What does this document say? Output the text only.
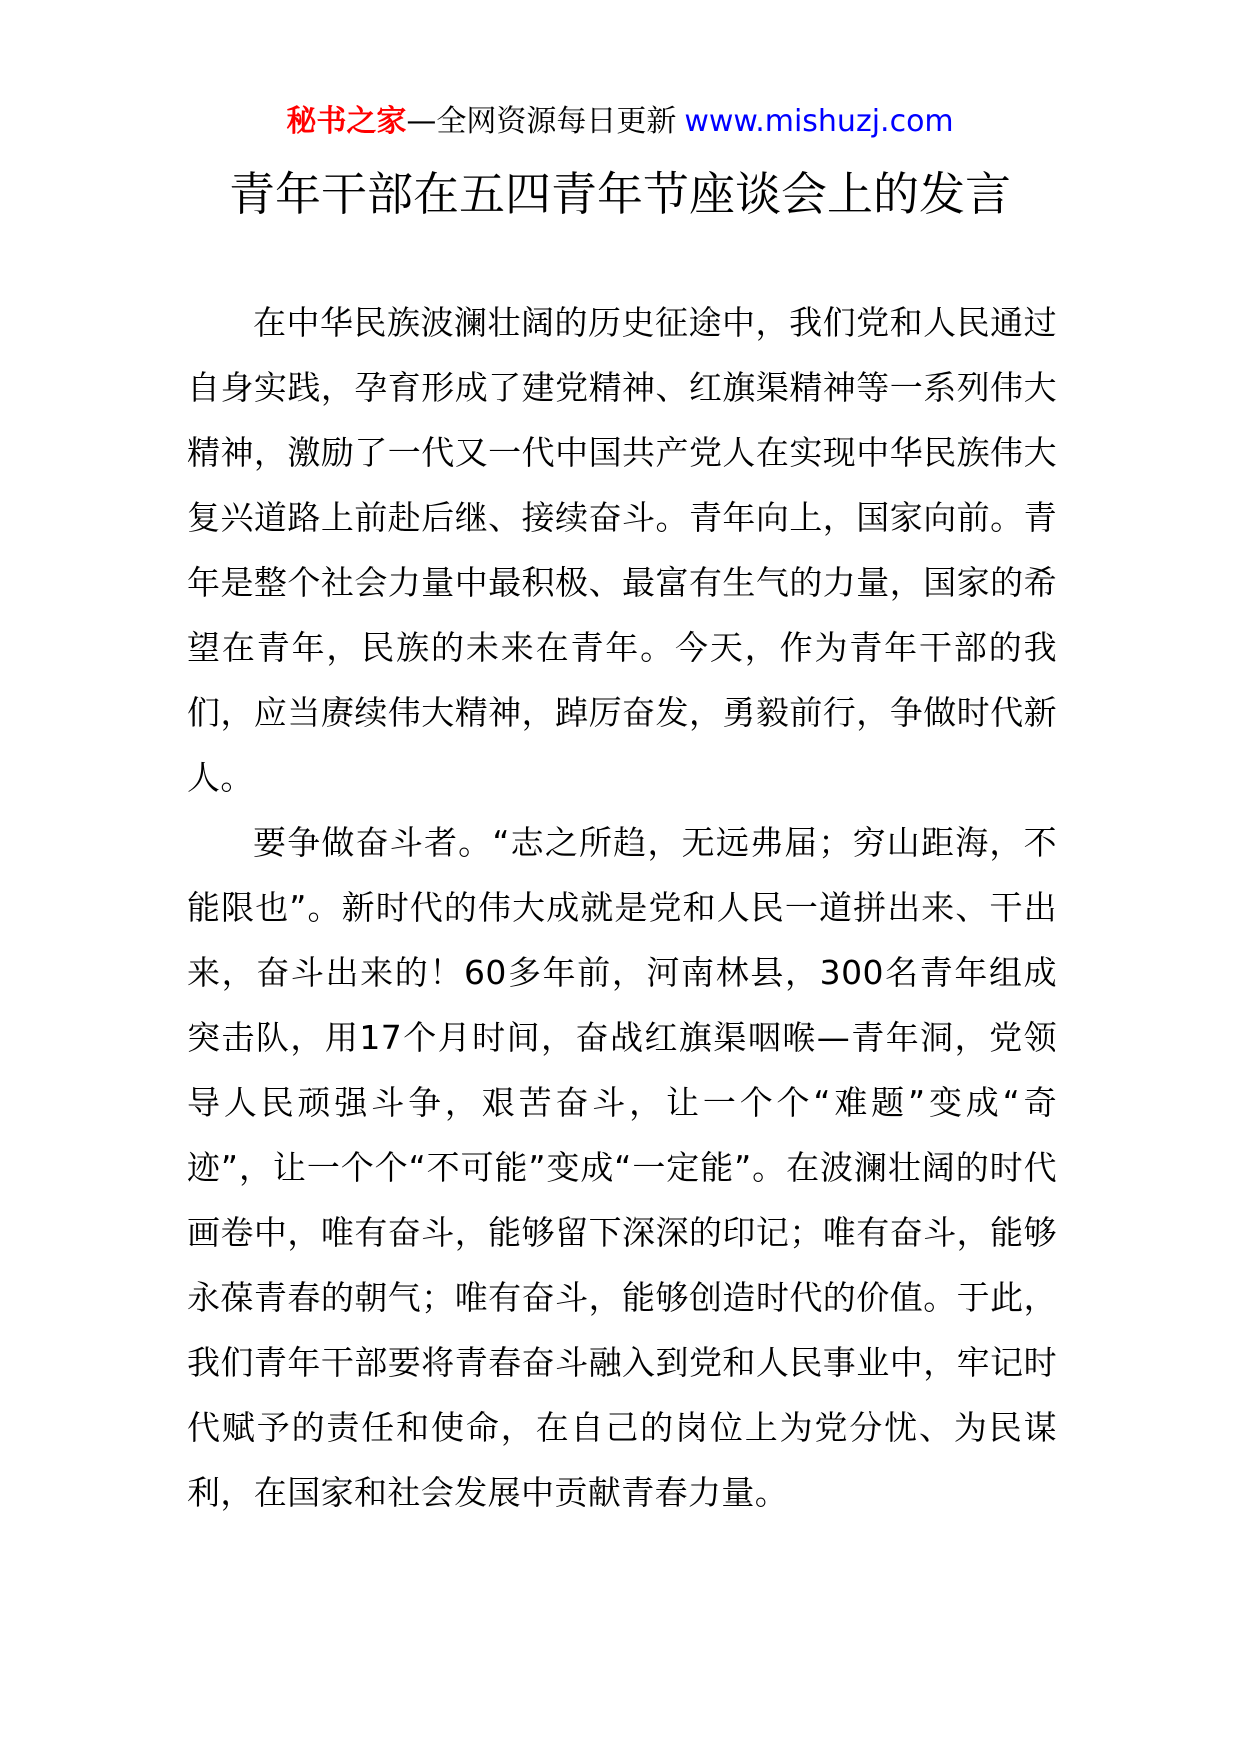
秘书之家—全网资源每日更新 www.mishuzj.com
青年干部在五四青年节座谈会上的发言

在中华民族波澜壮阔的历史征途中，我们党和人民通过自身实践，孕育形成了建党精神、红旗渠精神等一系列伟大精神，激励了一代又一代中国共产党人在实现中华民族伟大复兴道路上前赴后继、接续奋斗。青年向上，国家向前。青年是整个社会力量中最积极、最富有生气的力量，国家的希望在青年，民族的未来在青年。今天，作为青年干部的我们，应当赓续伟大精神，踔厉奋发，勇毅前行，争做时代新人。

要争做奋斗者。“志之所趋，无远弗届；穷山距海，不能限也”。新时代的伟大成就是党和人民一道拼出来、干出来，奋斗出来的！60多年前，河南林县，300名青年组成突击队，用17个月时间，奋战红旗渠咽喉—青年洞，党领导人民顽强斗争，艰苦奋斗，让一个个“难题”变成“奇迹”，让一个个“不可能”变成“一定能”。在波澜壮阔的时代画卷中，唯有奋斗，能够留下深深的印记；唯有奋斗，能够永葆青春的朝气；唯有奋斗，能够创造时代的价值。于此，我们青年干部要将青春奋斗融入到党和人民事业中，牢记时代赋予的责任和使命，在自己的岗位上为党分忧、为民谋利，在国家和社会发展中贡献青春力量。
